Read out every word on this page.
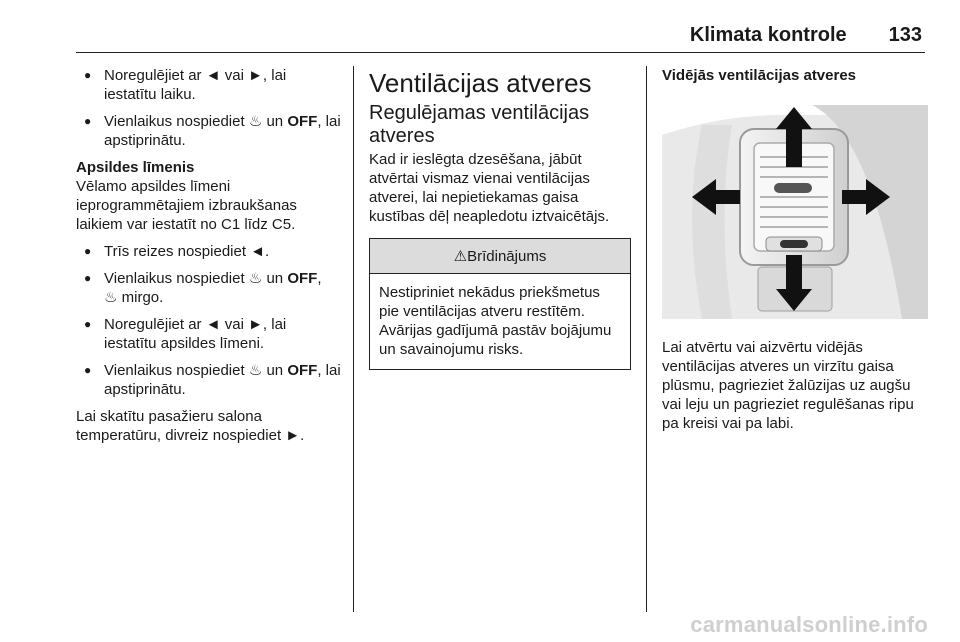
Klimata kontrole 133
● Noregulējiet ar ◄ vai ►, lai iestatītu laiku.
● Vienlaikus nospiediet ♨ un OFF, lai apstiprinātu.

Apsildes līmenis

Vēlamo apsildes līmeni ieprogrammētajiem izbraukšanas laikiem var iestatīt no C1 līdz C5.

● Trīs reizes nospiediet ◄.
● Vienlaikus nospiediet ♨ un OFF,
♨ mirgo.
● Noregulējiet ar ◄ vai ►, lai iestatītu apsildes līmeni.
● Vienlaikus nospiediet ♨ un OFF, lai apstiprinātu.

Lai skatītu pasažieru salona temperatūru, divreiz nospiediet ►.

Ventilācijas atveres
Regulējamas ventilācijas atveres

Kad ir ieslēgta dzesēšana, jābūt atvērtai vismaz vienai ventilācijas atverei, lai nepietiekamas gaisa kustības dēļ neapledotu iztvaicētājs.

⚠Brīdinājums
Nestipriniet nekādus priekšmetus pie ventilācijas atveru restītēm. Avārijas gadījumā pastāv bojājumu un savainojumu risks.
Vidējās ventilācijas atveres

Lai atvērtu vai aizvērtu vidējās ventilācijas atveres un virzītu gaisa plūsmu, pagrieziet žalūzijas uz augšu vai leju un pagrieziet regulēšanas ripu pa kreisi vai pa labi.

carmanualsonline.info
